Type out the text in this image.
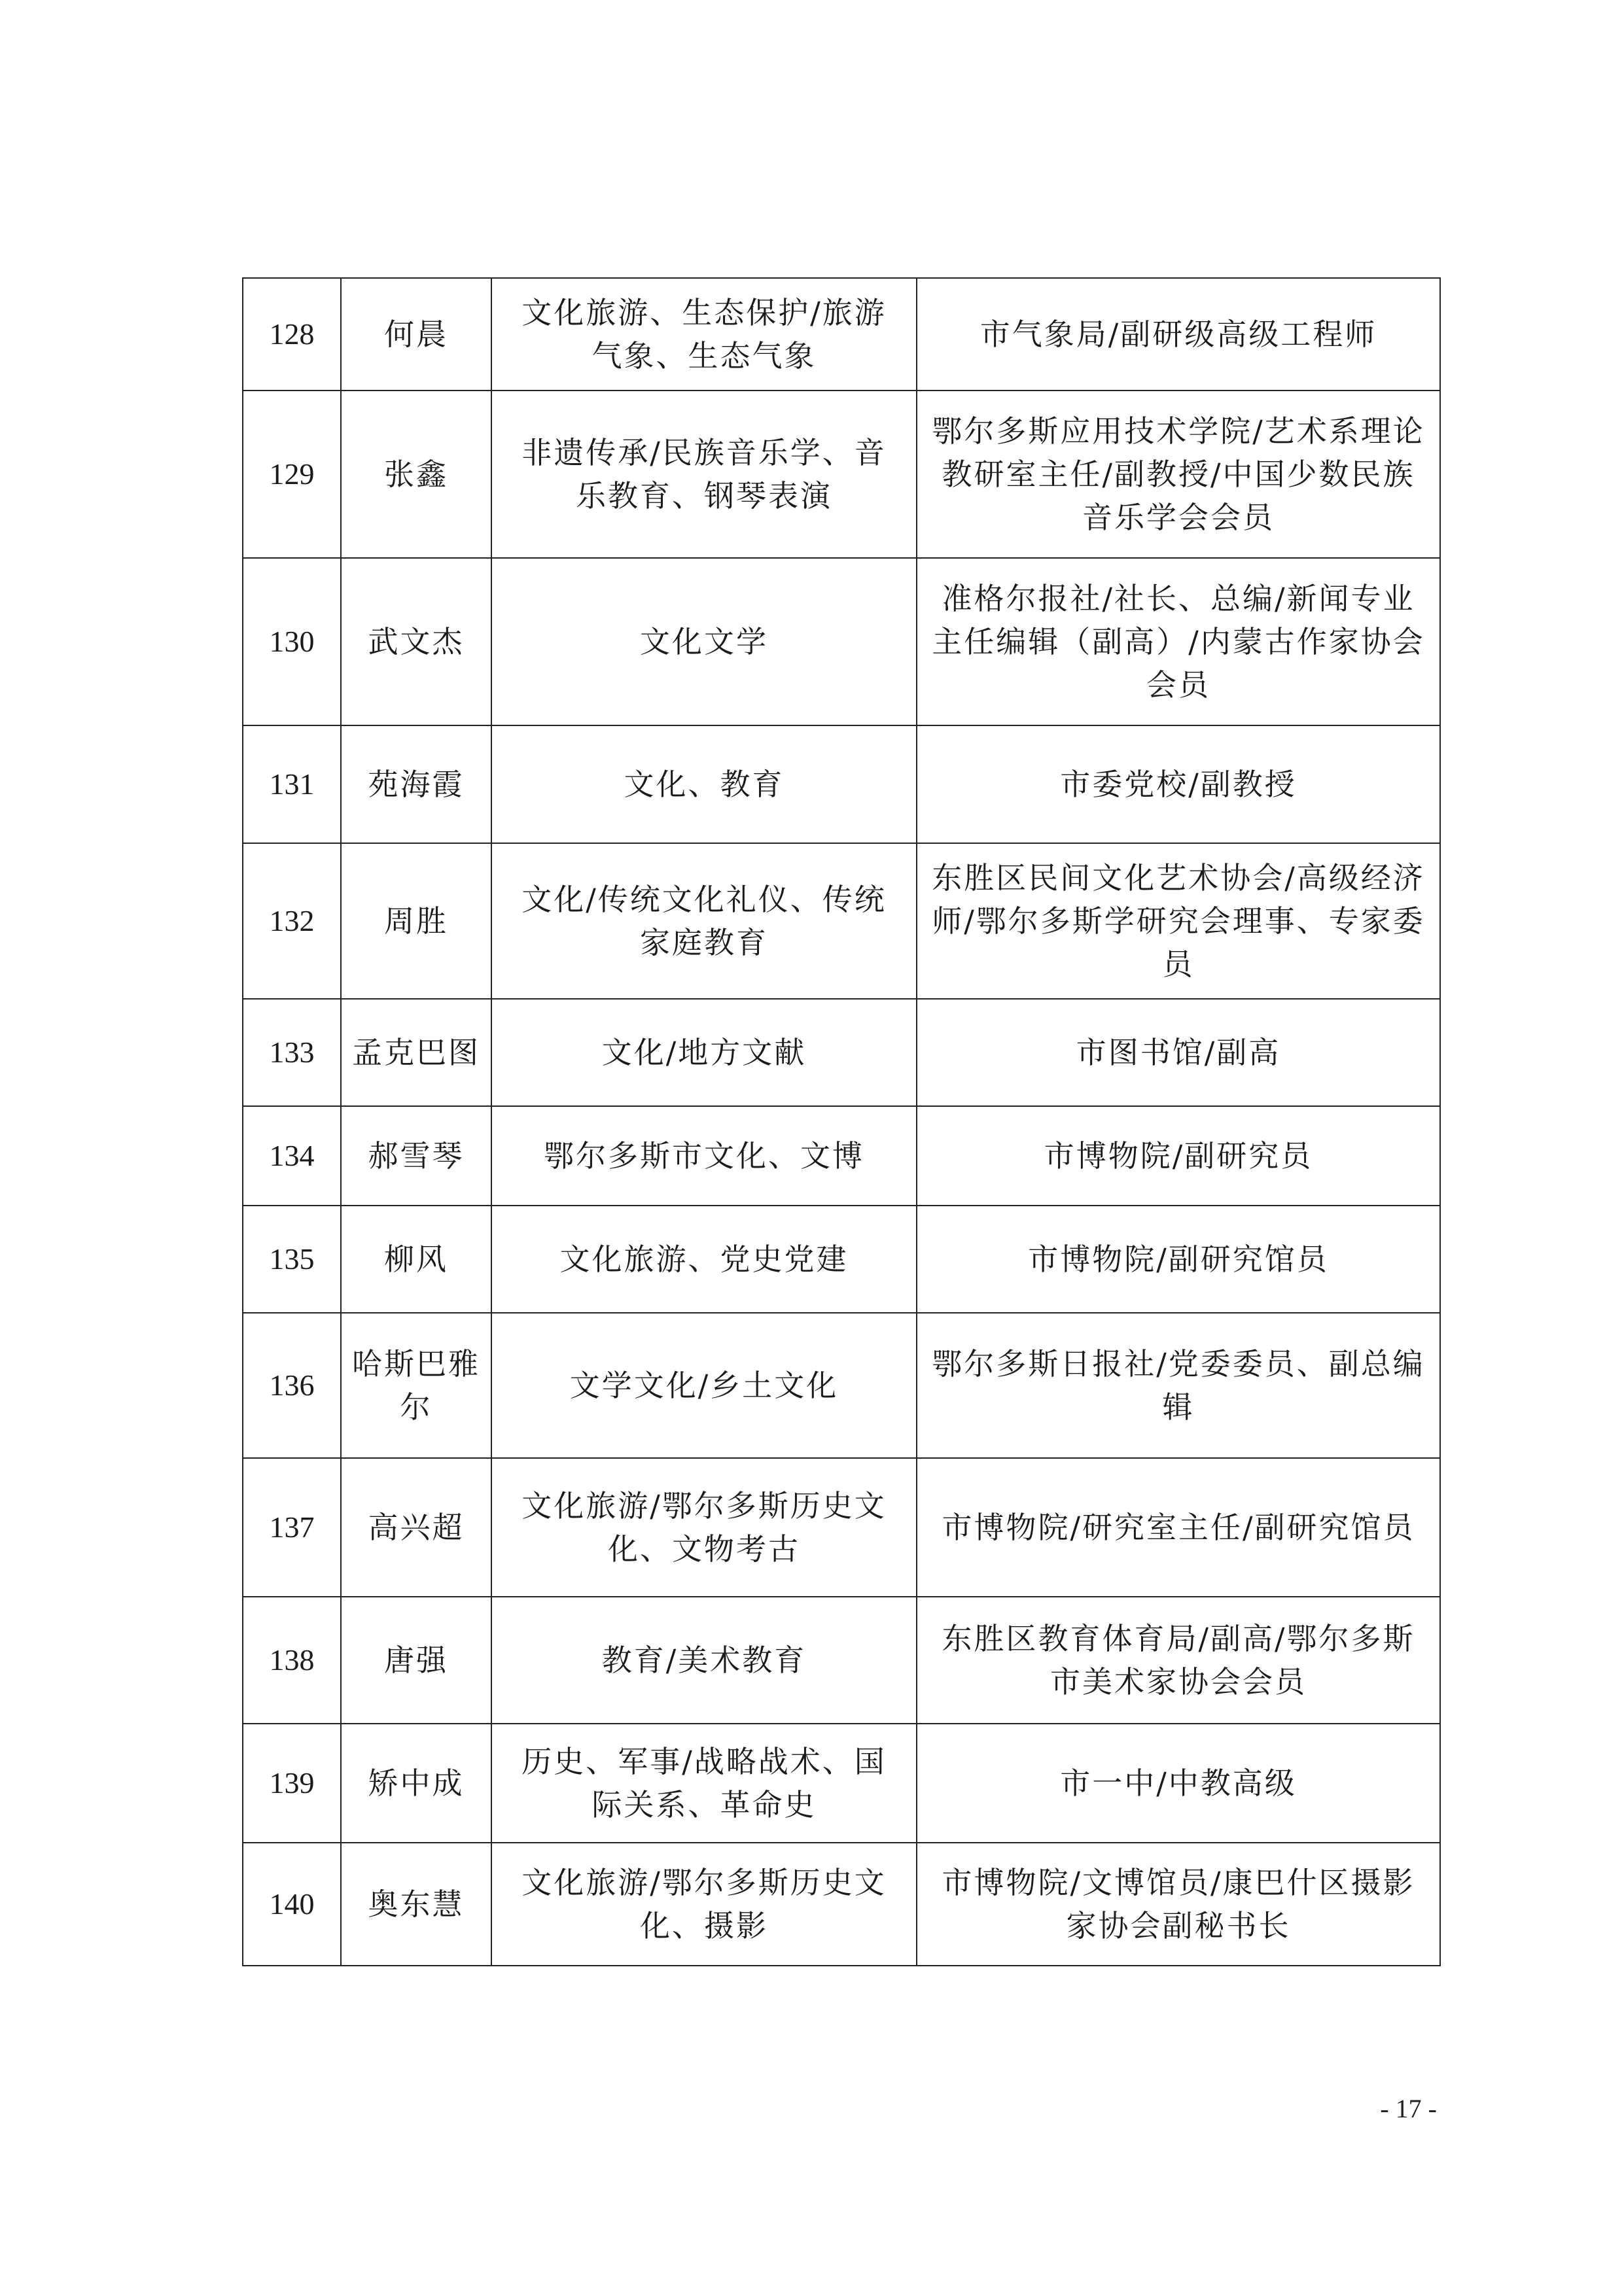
128	何晨	文化旅游、生态保护/旅游气象、生态气象	市气象局/副研级高级工程师
129	张鑫	非遗传承/民族音乐学、音乐教育、钢琴表演	鄂尔多斯应用技术学院/艺术系理论教研室主任/副教授/中国少数民族音乐学会会员
130	武文杰	文化文学	准格尔报社/社长、总编/新闻专业主任编辑（副高）/内蒙古作家协会会员
131	苑海霞	文化、教育	市委党校/副教授
132	周胜	文化/传统文化礼仪、传统家庭教育	东胜区民间文化艺术协会/高级经济师/鄂尔多斯学研究会理事、专家委员
133	孟克巴图	文化/地方文献	市图书馆/副高
134	郝雪琴	鄂尔多斯市文化、文博	市博物院/副研究员
135	柳风	文化旅游、党史党建	市博物院/副研究馆员
136	哈斯巴雅尔	文学文化/乡土文化	鄂尔多斯日报社/党委委员、副总编辑
137	高兴超	文化旅游/鄂尔多斯历史文化、文物考古	市博物院/研究室主任/副研究馆员
138	唐强	教育/美术教育	东胜区教育体育局/副高/鄂尔多斯市美术家协会会员
139	矫中成	历史、军事/战略战术、国际关系、革命史	市一中/中教高级
140	奥东慧	文化旅游/鄂尔多斯历史文化、摄影	市博物院/文博馆员/康巴什区摄影家协会副秘书长
- 17 -
